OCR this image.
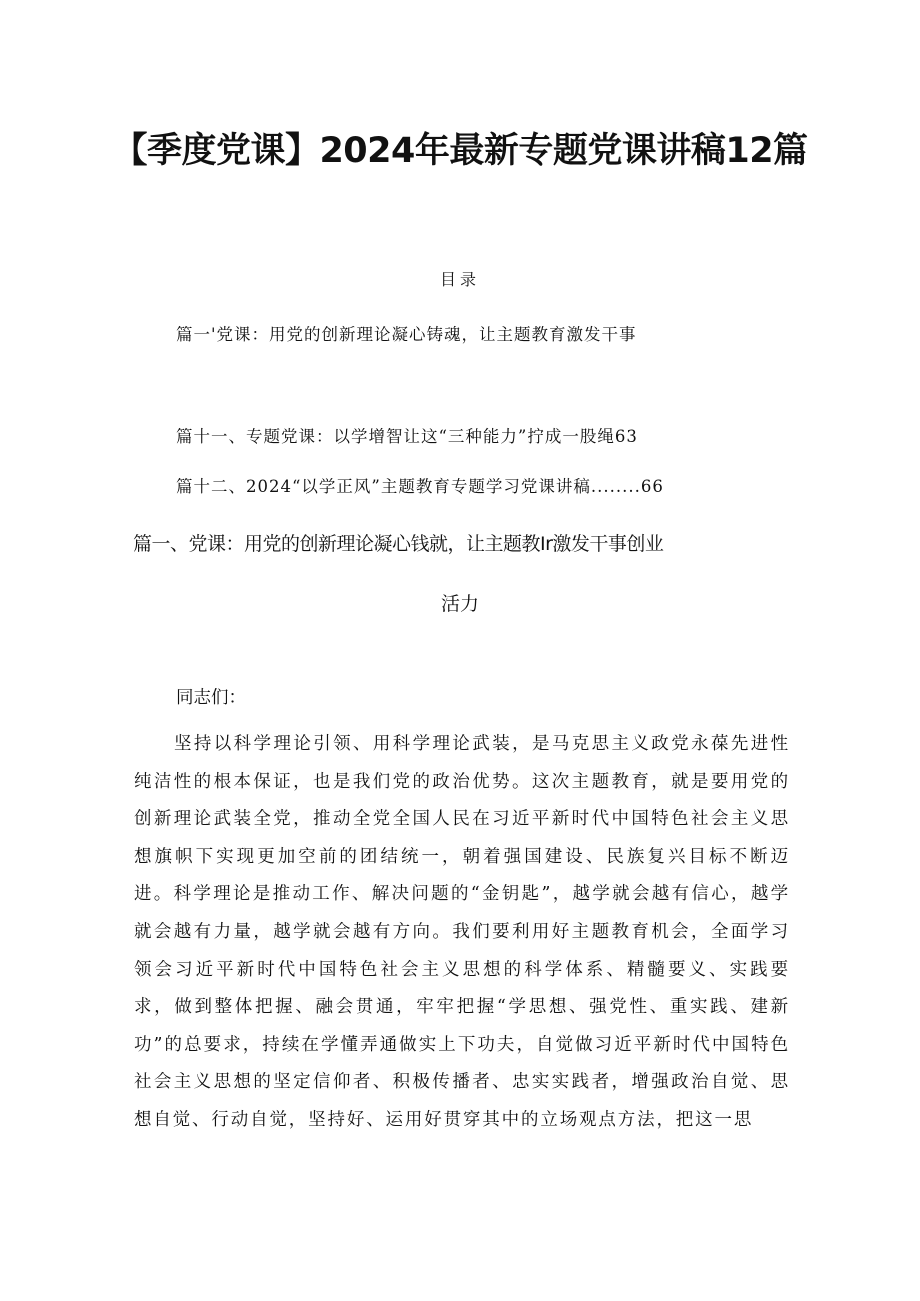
【季度党课】2024年最新专题党课讲稿12篇
目录
篇一'党课：用党的创新理论凝心铸魂，让主题教育激发干事
篇十一、专题党课：以学增智让这“三种能力”拧成一股绳63
篇十二、2024“以学正风”主题教育专题学习党课讲稿........66
篇一、党课：用党的创新理论凝心钱就，让主题教Ir激发干事创业
活力
同志们：

坚持以科学理论引领、用科学理论武装，是马克思主义政党永葆先进性纯洁性的根本保证，也是我们党的政治优势。这次主题教育，就是要用党的创新理论武装全党，推动全党全国人民在习近平新时代中国特色社会主义思想旗帜下实现更加空前的团结统一，朝着强国建设、民族复兴目标不断迈进。科学理论是推动工作、解决问题的“金钥匙”，越学就会越有信心，越学就会越有力量，越学就会越有方向。我们要利用好主题教育机会，全面学习领会习近平新时代中国特色社会主义思想的科学体系、精髓要义、实践要求，做到整体把握、融会贯通，牢牢把握“学思想、强党性、重实践、建新功”的总要求，持续在学懂弄通做实上下功夫，自觉做习近平新时代中国特色社会主义思想的坚定信仰者、积极传播者、忠实实践者，增强政治自觉、思想自觉、行动自觉，坚持好、运用好贯穿其中的立场观点方法，把这一思
